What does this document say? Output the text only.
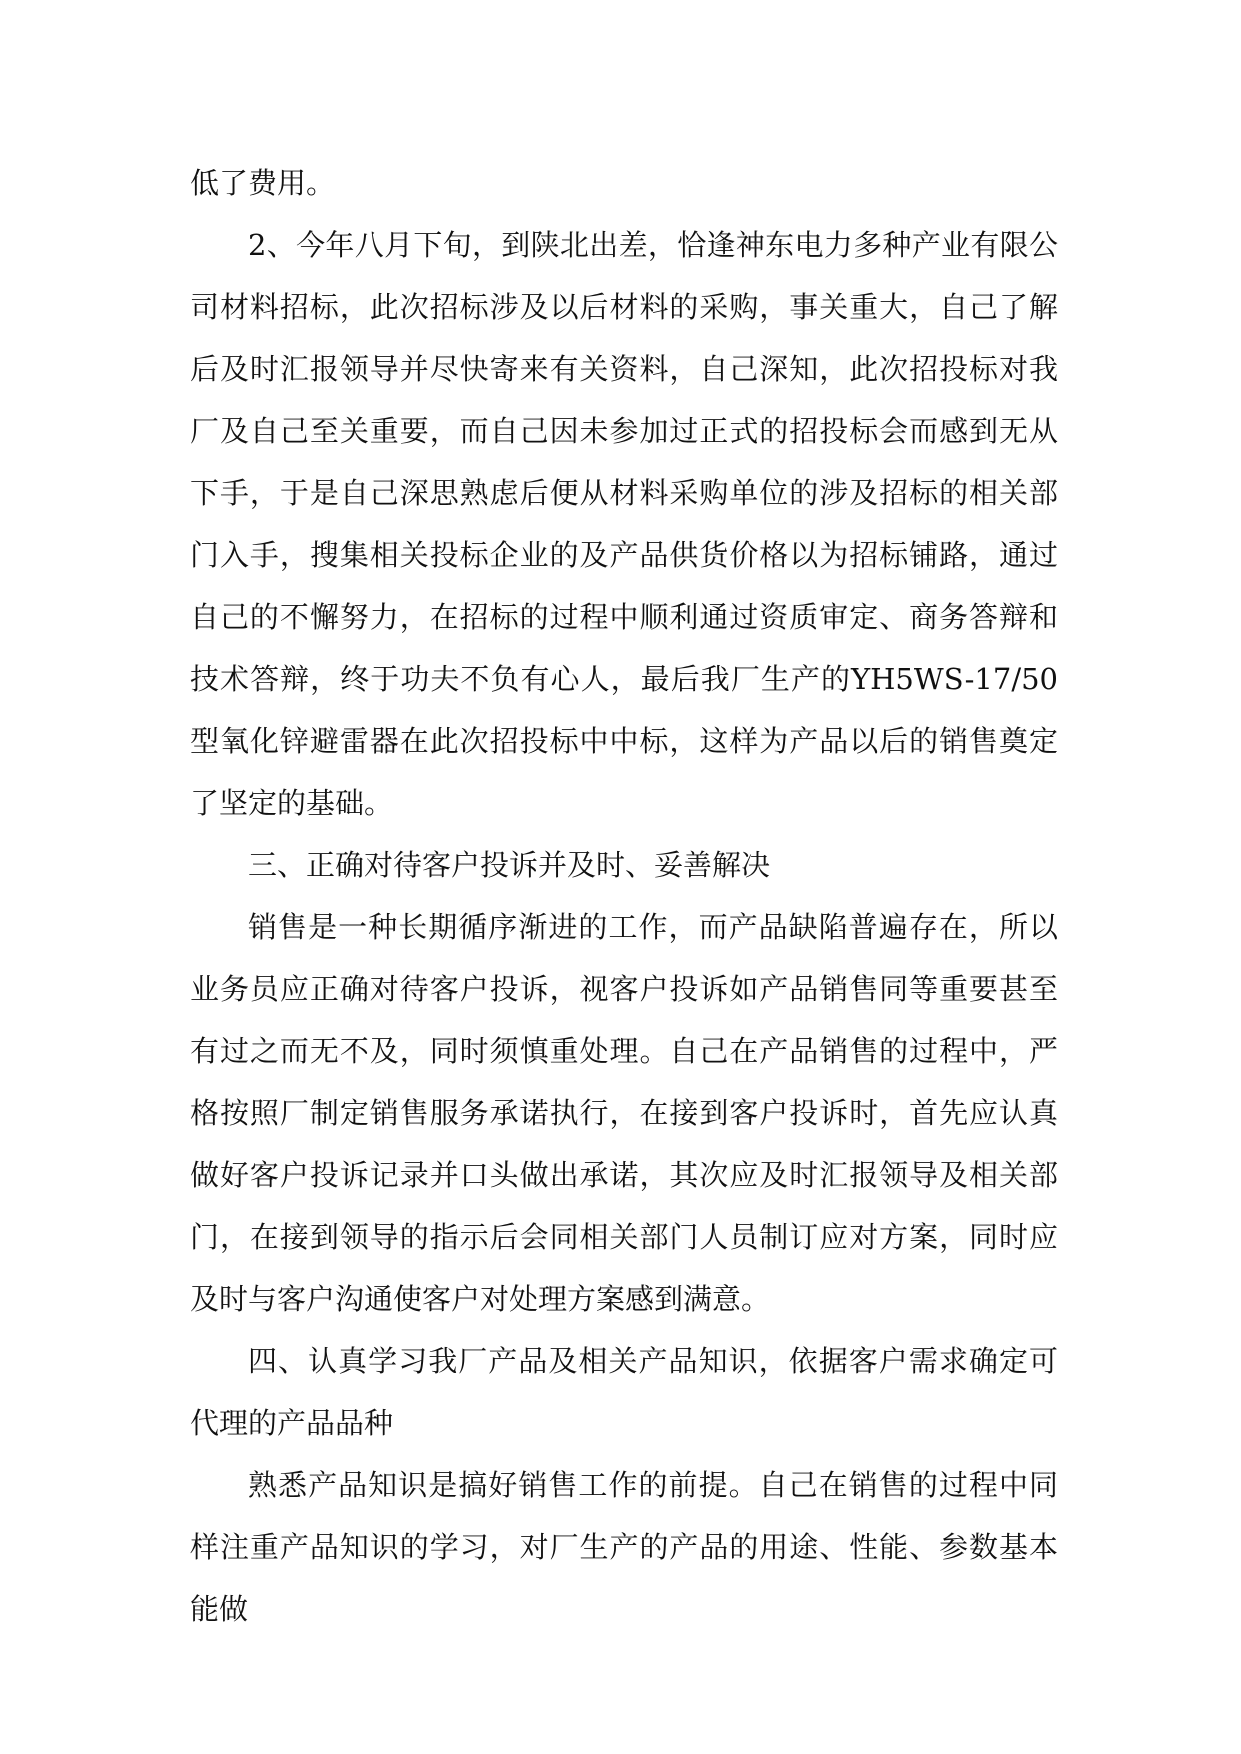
低了费用。

2、今年八月下旬，到陕北出差，恰逢神东电力多种产业有限公司材料招标，此次招标涉及以后材料的采购，事关重大，自己了解后及时汇报领导并尽快寄来有关资料，自己深知，此次招投标对我厂及自己至关重要，而自己因未参加过正式的招投标会而感到无从下手，于是自己深思熟虑后便从材料采购单位的涉及招标的相关部门入手，搜集相关投标企业的及产品供货价格以为招标铺路，通过自己的不懈努力，在招标的过程中顺利通过资质审定、商务答辩和技术答辩，终于功夫不负有心人，最后我厂生产的YH5WS-17/50型氧化锌避雷器在此次招投标中中标，这样为产品以后的销售奠定了坚定的基础。

三、正确对待客户投诉并及时、妥善解决

销售是一种长期循序渐进的工作，而产品缺陷普遍存在，所以业务员应正确对待客户投诉，视客户投诉如产品销售同等重要甚至有过之而无不及，同时须慎重处理。自己在产品销售的过程中，严格按照厂制定销售服务承诺执行，在接到客户投诉时，首先应认真做好客户投诉记录并口头做出承诺，其次应及时汇报领导及相关部门，在接到领导的指示后会同相关部门人员制订应对方案，同时应及时与客户沟通使客户对处理方案感到满意。

四、认真学习我厂产品及相关产品知识，依据客户需求确定可代理的产品品种

熟悉产品知识是搞好销售工作的前提。自己在销售的过程中同样注重产品知识的学习，对厂生产的产品的用途、性能、参数基本能做
